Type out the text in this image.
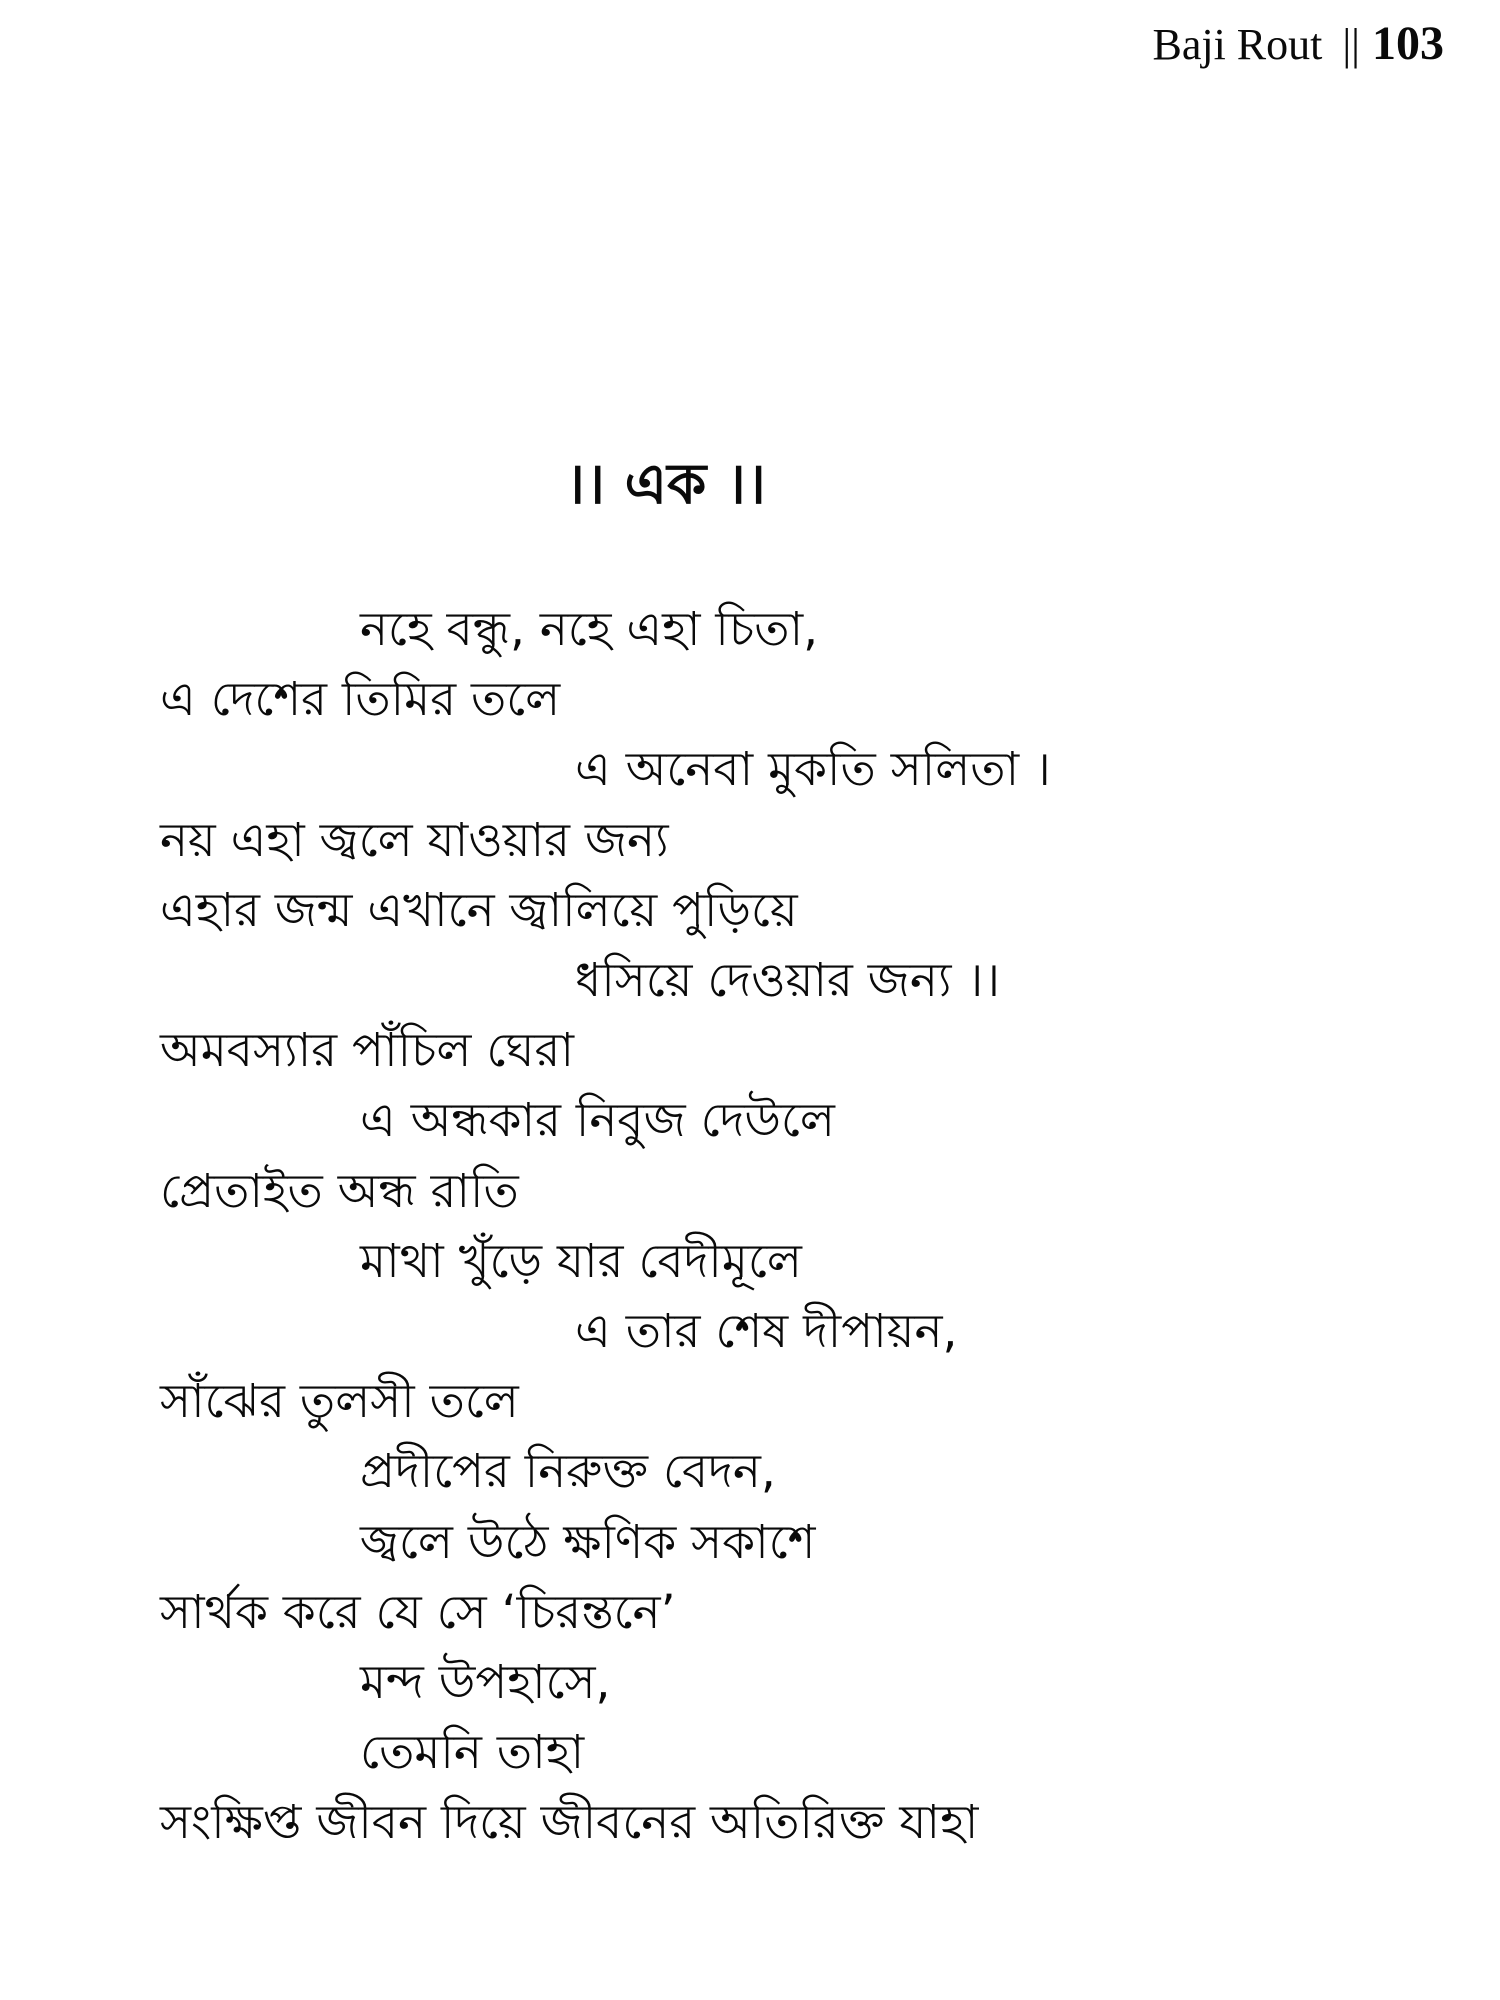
Baji Rout || 103
।। এক ।।
নহে বন্ধু, নহে এহা চিতা,
এ দেশের তিমির তলে
এ অনেবা মুকতি সলিতা ।
নয় এহা জ্বলে যাওয়ার জন্য
এহার জন্ম এখানে জ্বালিয়ে পুড়িয়ে
ধসিয়ে দেওয়ার জন্য ।।
অমবস্যার পাঁচিল ঘেরা
এ অন্ধকার নিবুজ দেউলে
প্রেতাইত অন্ধ রাতি
মাথা খুঁড়ে যার বেদীমূলে
এ তার শেষ দীপায়ন,
সাঁঝের তুলসী তলে
প্রদীপের নিরুক্ত বেদন,
জ্বলে উঠে ক্ষণিক সকাশে
সার্থক করে যে সে ‘চিরন্তনে’
মন্দ উপহাসে,
তেমনি তাহা
সংক্ষিপ্ত জীবন দিয়ে জীবনের অতিরিক্ত যাহা
